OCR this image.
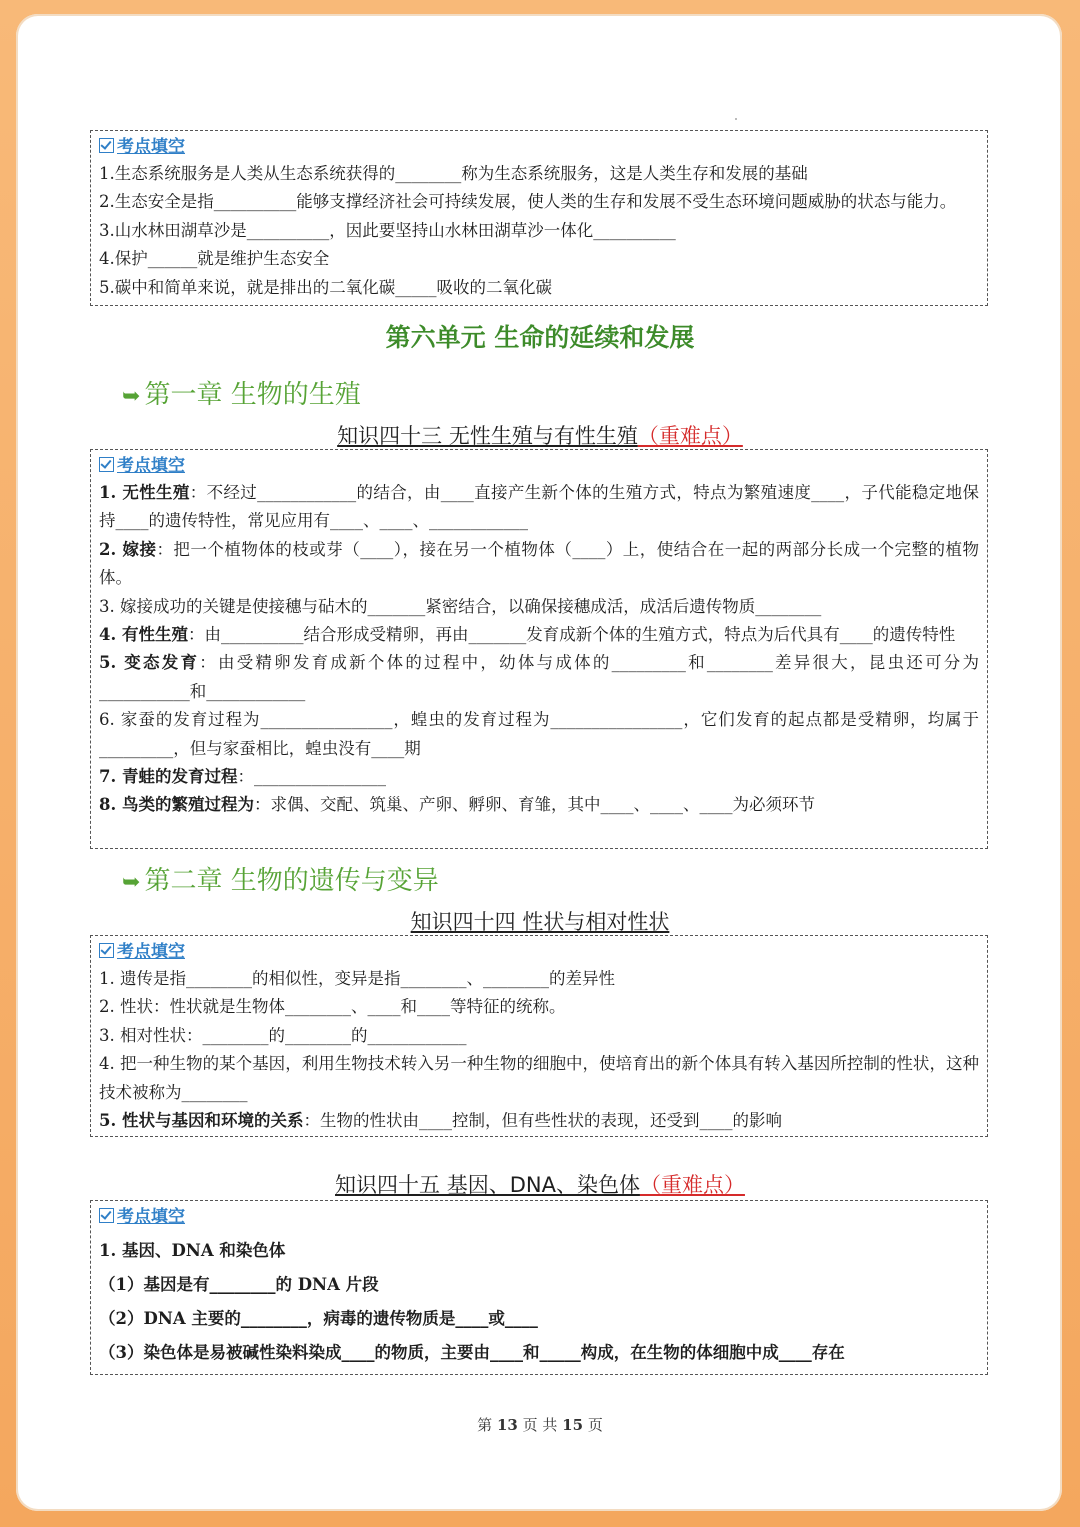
考点填空
1.生态系统服务是人类从生态系统获得的________称为生态系统服务，这是人类生存和发展的基础
2.生态安全是指__________能够支撑经济社会可持续发展，使人类的生存和发展不受生态环境问题威胁的状态与能力。
3.山水林田湖草沙是__________，因此要坚持山水林田湖草沙一体化__________
4.保护______就是维护生态安全
5.碳中和简单来说，就是排出的二氧化碳_____吸收的二氧化碳
第六单元 生命的延续和发展
➥ 第一章 生物的生殖
知识四十三 无性生殖与有性生殖（重难点）
考点填空
1. 无性生殖：不经过____________的结合，由____直接产生新个体的生殖方式，特点为繁殖速度____，子代能稳定地保持____的遗传特性，常见应用有____、____、____________
2. 嫁接：把一个植物体的枝或芽（____），接在另一个植物体（____）上，使结合在一起的两部分长成一个完整的植物体。
3. 嫁接成功的关键是使接穗与砧木的_______紧密结合，以确保接穗成活，成活后遗传物质________
4. 有性生殖：由__________结合形成受精卵，再由_______发育成新个体的生殖方式，特点为后代具有____的遗传特性
5. 变态发育：由受精卵发育成新个体的过程中，幼体与成体的_________和________差异很大，昆虫还可分为___________和____________
6. 家蚕的发育过程为________________，蝗虫的发育过程为________________，它们发育的起点都是受精卵，均属于_________，但与家蚕相比，蝗虫没有____期
7. 青蛙的发育过程：________________
8. 鸟类的繁殖过程为：求偶、交配、筑巢、产卵、孵卵、育雏，其中____、____、____为必须环节
➥ 第二章 生物的遗传与变异
知识四十四 性状与相对性状
考点填空
1. 遗传是指________的相似性，变异是指________、________的差异性
2. 性状：性状就是生物体________、____和____等特征的统称。
3. 相对性状：________的________的____________
4. 把一种生物的某个基因，利用生物技术转入另一种生物的细胞中，使培育出的新个体具有转入基因所控制的性状，这种技术被称为________
5. 性状与基因和环境的关系：生物的性状由____控制，但有些性状的表现，还受到____的影响
知识四十五 基因、DNA、染色体（重难点）
考点填空
1. 基因、DNA 和染色体
（1）基因是有________的 DNA 片段
（2）DNA 主要的________，病毒的遗传物质是____或____
（3）染色体是易被碱性染料染成____的物质，主要由____和_____构成，在生物的体细胞中成____存在
第 13 页 共 15 页
